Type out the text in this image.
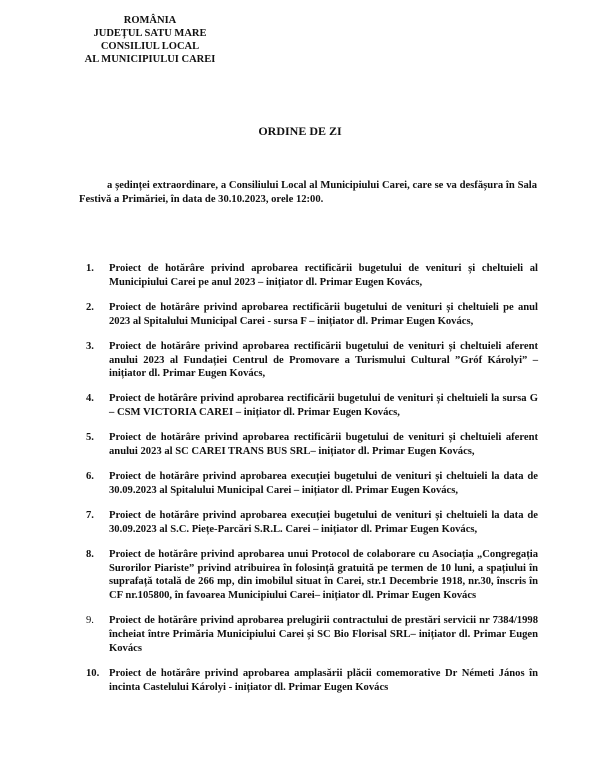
ROMÂNIA
JUDEȚUL SATU MARE
CONSILIUL LOCAL
AL MUNICIPIULUI CAREI
ORDINE DE ZI
a ședinței extraordinare, a Consiliului Local al Municipiului Carei, care se va desfășura în Sala Festivă a Primăriei, în data de 30.10.2023, orele 12:00.
1. Proiect de hotărâre privind aprobarea rectificării bugetului de venituri și cheltuieli al Municipiului Carei pe anul 2023 – inițiator dl. Primar Eugen Kovács,
2. Proiect de hotărâre privind aprobarea rectificării bugetului de venituri și cheltuieli pe anul 2023 al Spitalului Municipal Carei - sursa F – inițiator dl. Primar Eugen Kovács,
3. Proiect de hotărâre privind aprobarea rectificării bugetului de venituri și cheltuieli aferent anului 2023 al Fundației Centrul de Promovare a Turismului Cultural ”Gróf Károlyi” – inițiator dl. Primar Eugen Kovács,
4. Proiect de hotărâre privind aprobarea rectificării bugetului de venituri și cheltuieli la sursa G – CSM VICTORIA CAREI – inițiator dl. Primar Eugen Kovács,
5. Proiect de hotărâre privind aprobarea rectificării bugetului de venituri și cheltuieli aferent anului 2023 al SC CAREI TRANS BUS SRL– inițiator dl. Primar Eugen Kovács,
6. Proiect de hotărâre privind aprobarea execuției bugetului de venituri și cheltuieli la data de 30.09.2023 al Spitalului Municipal Carei – inițiator dl. Primar Eugen Kovács,
7. Proiect de hotărâre privind aprobarea execuției bugetului de venituri și cheltuieli la data de 30.09.2023 al S.C. Piețe-Parcări S.R.L. Carei – inițiator dl. Primar Eugen Kovács,
8. Proiect de hotărâre privind aprobarea unui Protocol de colaborare cu Asociația „Congregația Surorilor Piariste” privind atribuirea în folosință gratuită pe termen de 10 luni, a spațiului în suprafață totală de 266 mp, din imobilul situat în Carei, str.1 Decembrie 1918, nr.30, înscris în CF nr.105800, în favoarea Municipiului Carei– inițiator dl. Primar Eugen Kovács
9. Proiect de hotărâre privind aprobarea prelugirii contractului de prestări servicii nr 7384/1998 încheiat între Primăria Municipiului Carei și SC Bio Florisal SRL– inițiator dl. Primar Eugen Kovács
10. Proiect de hotărâre privind aprobarea amplasării plăcii comemorative Dr Németi János în incinta Castelului Károlyi - inițiator dl. Primar Eugen Kovács
